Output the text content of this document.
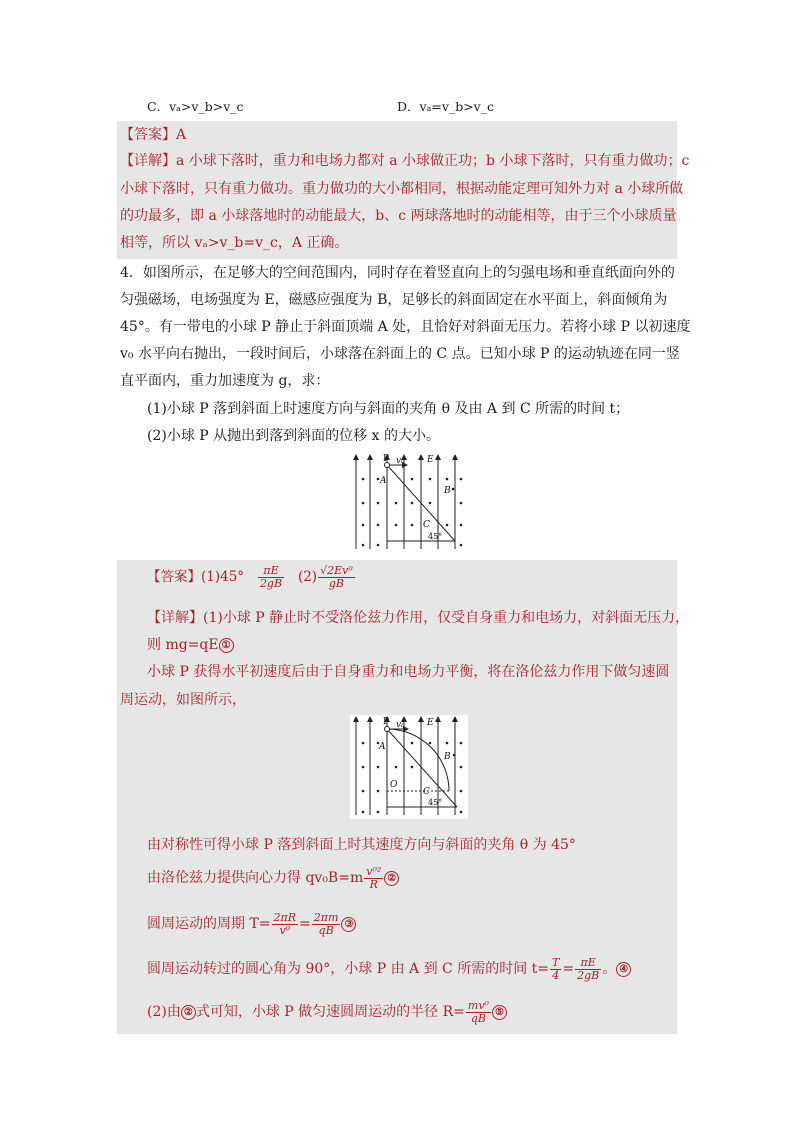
C．vₐ>v_b>v_c	D．vₐ=v_b>v_c
【答案】A
【详解】a 小球下落时，重力和电场力都对 a 小球做正功；b 小球下落时，只有重力做功；c
小球下落时，只有重力做功。重力做功的大小都相同，根据动能定理可知外力对 a 小球所做
的功最多，即 a 小球落地时的动能最大，b、c 两球落地时的动能相等，由于三个小球质量
相等，所以 vₐ>v_b=v_c，A 正确。
4．如图所示，在足够大的空间范围内，同时存在着竖直向上的匀强电场和垂直纸面向外的
匀强磁场，电场强度为 E，磁感应强度为 B，足够长的斜面固定在水平面上，斜面倾角为
45°。有一带电的小球 P 静止于斜面顶端 A 处，且恰好对斜面无压力。若将小球 P 以初速度
v₀ 水平向右抛出，一段时间后，小球落在斜面上的 C 点。已知小球 P 的运动轨迹在同一竖
直平面内，重力加速度为 g，求：
(1)小球 P 落到斜面上时速度方向与斜面的夹角 θ 及由 A 到 C 所需的时间 t；
(2)小球 P 从抛出到落到斜面的位移 x 的大小。
P v₀ E
A
B
C
45°
【答案】$(1)45^\circ \frac{\pi E}{2gB} (2) \frac{\text{√2Ev⁰}}{gB}$
【详解】(1)小球 P 静止时不受洛伦兹力作用，仅受自身重力和电场力，对斜面无压力，
则 mg=qE ①
小球 P 获得水平初速度后由于自身重力和电场力平衡，将在洛伦兹力作用下做匀速圆
周运动，如图所示，
P v₀ E
A
B
O
C
45°
由对称性可得小球 P 落到斜面上时其速度方向与斜面的夹角 θ 为 45°
由洛伦兹力提供向心力得 $qv_0B=m \frac{\text{v⁰²}}{R}$ ②
圆周运动的周期 $T= \frac{2\pi R}{\text{v⁰}} = \frac{2\pi m}{qB}$ ③
圆周运动转过的圆心角为 90°，小球 P 由 A 到 C 所需的时间 $t= \frac{T}{4} = \frac{\pi E}{2gB}$ 。 ④
(2)由 ② 式可知，小球 P 做匀速圆周运动的半径 $R= \frac{\text{mv⁰}}{qB}$ ⑤
